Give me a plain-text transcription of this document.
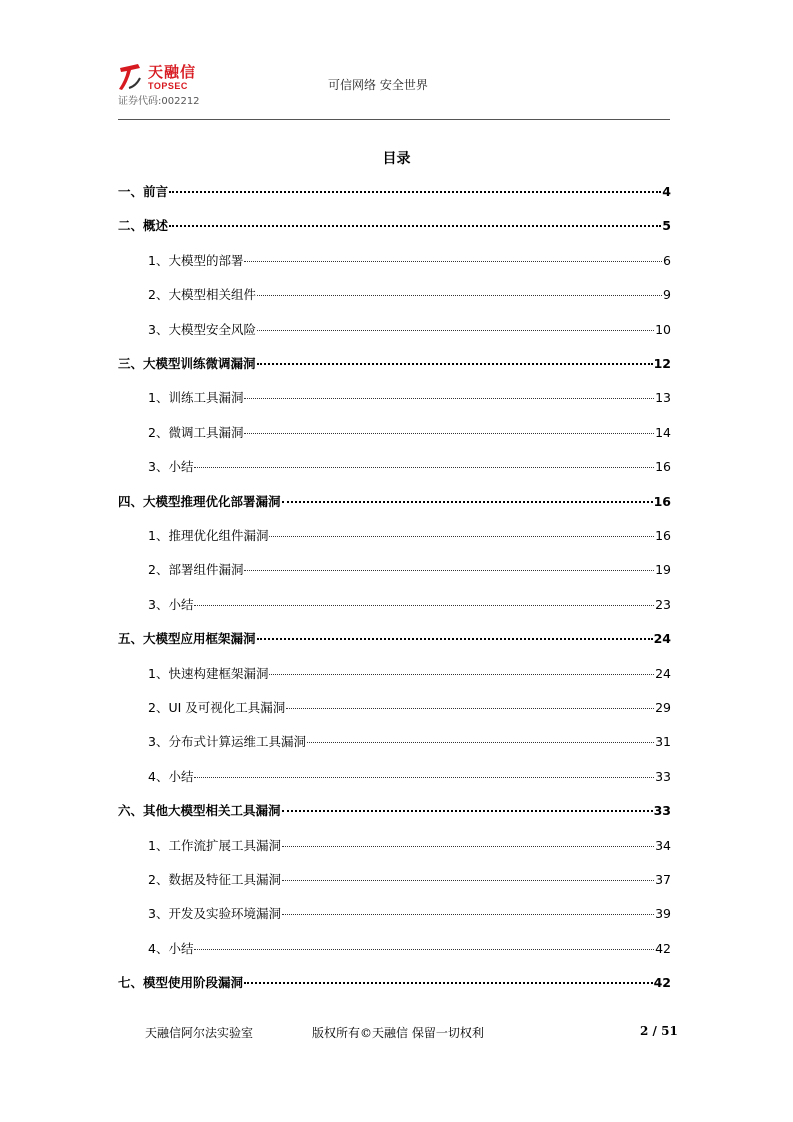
天融信
TOPSEC
证券代码:002212
可信网络 安全世界
目录
一、前言	4
二、概述	5
1、大模型的部署	6
2、大模型相关组件	9
3、大模型安全风险	10
三、大模型训练微调漏洞	12
1、训练工具漏洞	13
2、微调工具漏洞	14
3、小结	16
四、大模型推理优化部署漏洞	16
1、推理优化组件漏洞	16
2、部署组件漏洞	19
3、小结	23
五、大模型应用框架漏洞	24
1、快速构建框架漏洞	24
2、UI 及可视化工具漏洞	29
3、分布式计算运维工具漏洞	31
4、小结	33
六、其他大模型相关工具漏洞	33
1、工作流扩展工具漏洞	34
2、数据及特征工具漏洞	37
3、开发及实验环境漏洞	39
4、小结	42
七、模型使用阶段漏洞	42
天融信阿尔法实验室	版权所有©天融信 保留一切权利	2 / 51
